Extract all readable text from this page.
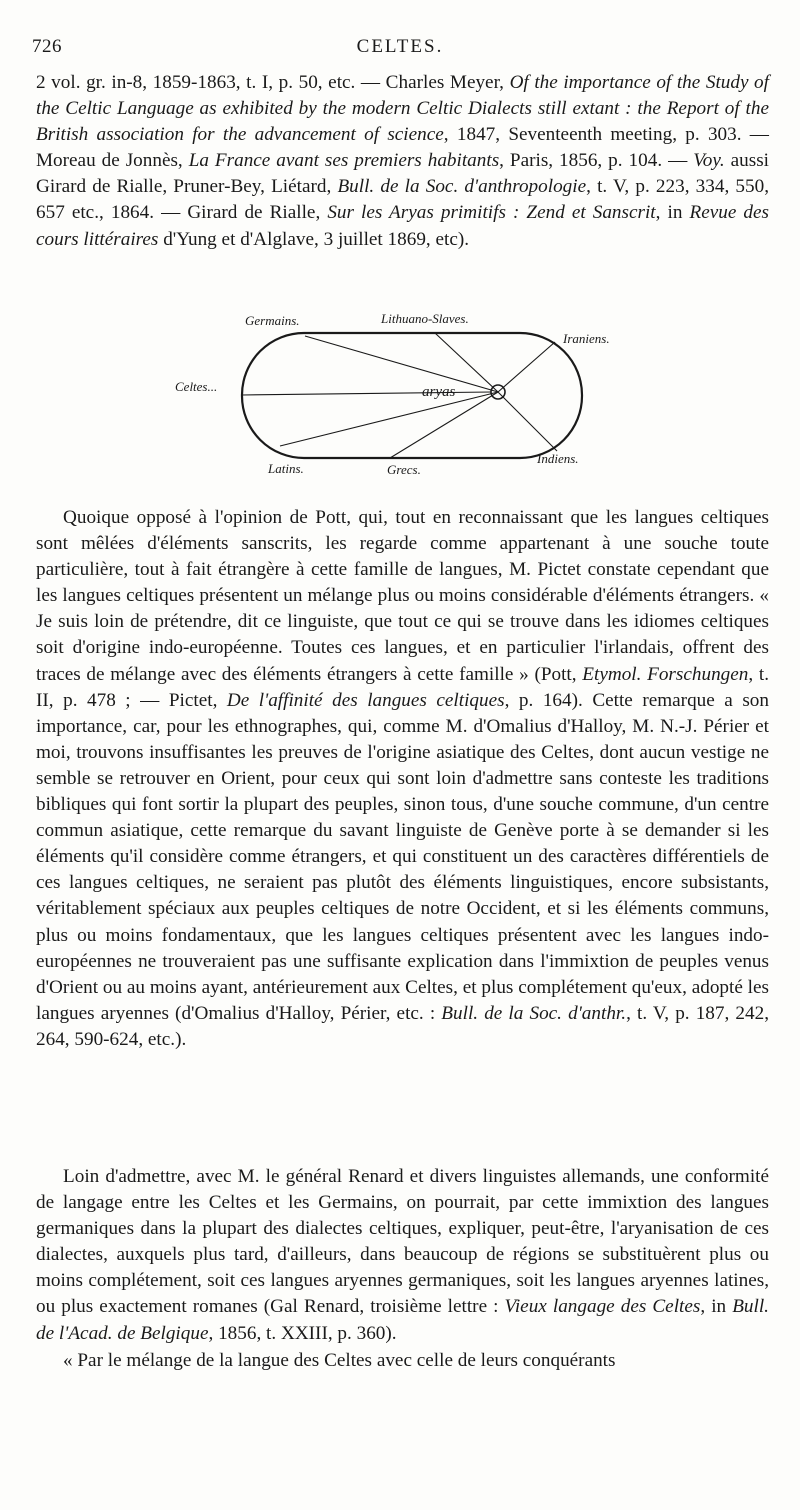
726	CELTES.

2 vol. gr. in-8, 1859-1863, t. I, p. 50, etc. — Charles Meyer, Of the importance of the Study of the Celtic Language as exhibited by the modern Celtic Dialects still extant : the Report of the British association for the advancement of science, 1847, Seventeenth meeting, p. 303. — Moreau de Jonnès, La France avant ses premiers habitants, Paris, 1856, p. 104. — Voy. aussi Girard de Rialle, Pruner-Bey, Liétard, Bull. de la Soc. d'anthropologie, t. V, p. 223, 334, 550, 657 etc., 1864. — Girard de Rialle, Sur les Aryas primitifs : Zend et Sanscrit, in Revue des cours littéraires d'Yung et d'Alglave, 3 juillet 1869, etc).

Germains.	Lithuano-Slaves.
Iraniens.
Celtes...	aryas
Latins.	Grecs.
Indiens.

Quoique opposé à l'opinion de Pott, qui, tout en reconnaissant que les langues celtiques sont mêlées d'éléments sanscrits, les regarde comme appartenant à une souche toute particulière, tout à fait étrangère à cette famille de langues, M. Pictet constate cependant que les langues celtiques présentent un mélange plus ou moins considérable d'éléments étrangers. « Je suis loin de prétendre, dit ce linguiste, que tout ce qui se trouve dans les idiomes celtiques soit d'origine indo-européenne. Toutes ces langues, et en particulier l'irlandais, offrent des traces de mélange avec des éléments étrangers à cette famille » (Pott, Etymol. Forschungen, t. II, p. 478 ; — Pictet, De l'affinité des langues celtiques, p. 164). Cette remarque a son importance, car, pour les ethnographes, qui, comme M. d'Omalius d'Halloy, M. N.-J. Périer et moi, trouvons insuffisantes les preuves de l'origine asiatique des Celtes, dont aucun vestige ne semble se retrouver en Orient, pour ceux qui sont loin d'admettre sans conteste les traditions bibliques qui font sortir la plupart des peuples, sinon tous, d'une souche commune, d'un centre commun asiatique, cette remarque du savant linguiste de Genève porte à se demander si les éléments qu'il considère comme étrangers, et qui constituent un des caractères différentiels de ces langues celtiques, ne seraient pas plutôt des éléments linguistiques, encore subsistants, véritablement spéciaux aux peuples celtiques de notre Occident, et si les éléments communs, plus ou moins fondamentaux, que les langues celtiques présentent avec les langues indo-européennes ne trouveraient pas une suffisante explication dans l'immixtion de peuples venus d'Orient ou au moins ayant, antérieurement aux Celtes, et plus complétement qu'eux, adopté les langues aryennes (d'Omalius d'Halloy, Périer, etc. : Bull. de la Soc. d'anthr., t. V, p. 187, 242, 264, 590-624, etc.).

Loin d'admettre, avec M. le général Renard et divers linguistes allemands, une conformité de langage entre les Celtes et les Germains, on pourrait, par cette immixtion des langues germaniques dans la plupart des dialectes celtiques, expliquer, peut-être, l'aryanisation de ces dialectes, auxquels plus tard, d'ailleurs, dans beaucoup de régions se substituèrent plus ou moins complétement, soit ces langues aryennes germaniques, soit les langues aryennes latines, ou plus exactement romanes (Gal Renard, troisième lettre : Vieux langage des Celtes, in Bull. de l'Acad. de Belgique, 1856, t. XXIII, p. 360).

« Par le mélange de la langue des Celtes avec celle de leurs conquérants
